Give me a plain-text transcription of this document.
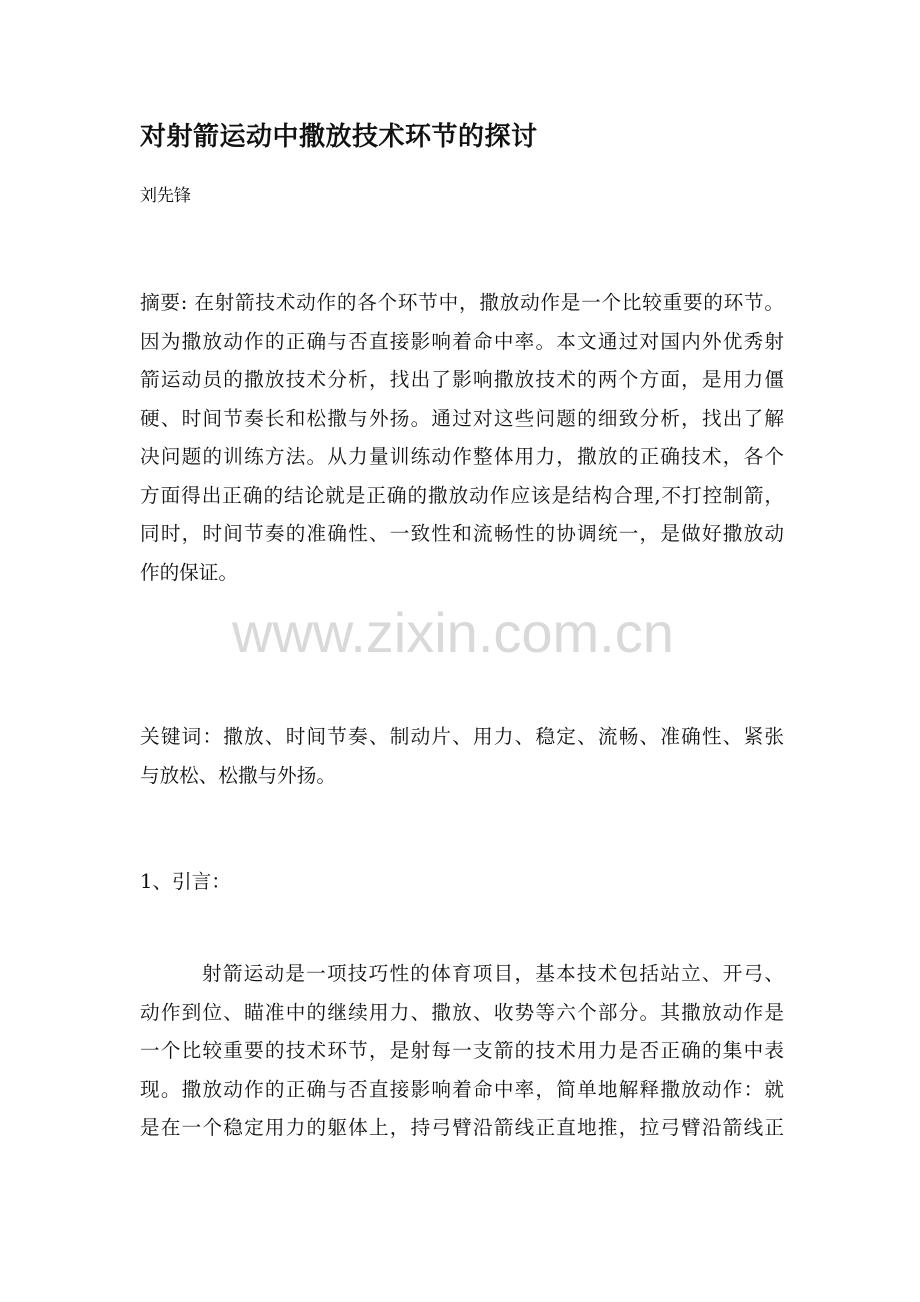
对射箭运动中撒放技术环节的探讨
刘先锋
摘要: 在射箭技术动作的各个环节中，撒放动作是一个比较重要的环节。
因为撒放动作的正确与否直接影响着命中率。本文通过对国内外优秀射
箭运动员的撒放技术分析，找出了影响撒放技术的两个方面，是用力僵
硬、时间节奏长和松撒与外扬。通过对这些问题的细致分析，找出了解
决问题的训练方法。从力量训练动作整体用力，撒放的正确技术，各个
方面得出正确的结论就是正确的撒放动作应该是结构合理,不打控制箭，
同时，时间节奏的准确性、一致性和流畅性的协调统一，是做好撒放动
作的保证。
关键词：撒放、时间节奏、制动片、用力、稳定、流畅、准确性、紧张
与放松、松撒与外扬。
1、引言：
射箭运动是一项技巧性的体育项目，基本技术包括站立、开弓、
动作到位、瞄准中的继续用力、撒放、收势等六个部分。其撒放动作是
一个比较重要的技术环节，是射每一支箭的技术用力是否正确的集中表
现。撒放动作的正确与否直接影响着命中率，简单地解释撒放动作：就
是在一个稳定用力的躯体上，持弓臂沿箭线正直地推，拉弓臂沿箭线正
www.zixin.com.cn
